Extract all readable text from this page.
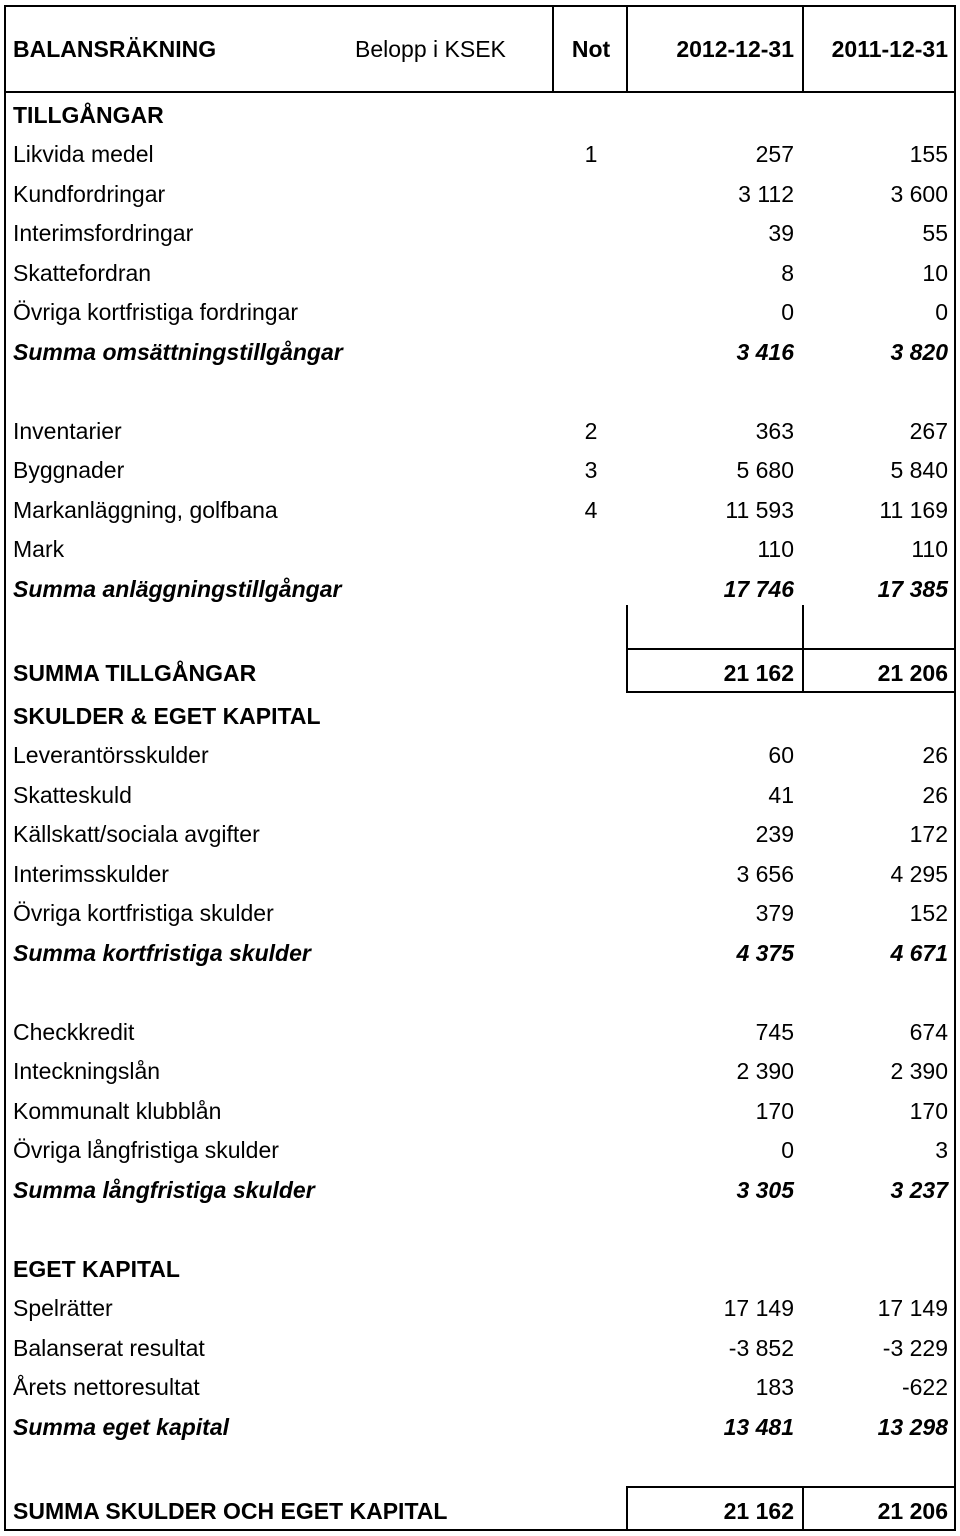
BALANSRÄKNING	Belopp i KSEK	Not	2012-12-31 2011-12-31
TILLGÅNGAR
Likvida medel	1	257	155
Kundfordringar	3 112	3 600
Interimsfordringar	39	55
Skattefordran	8	10
Övriga kortfristiga fordringar	0	0
Summa omsättningstillgångar	3 416	3 820
Inventarier	2	363	267
Byggnader	3	5 680	5 840
Markanläggning, golfbana	4	11 593	11 169
Mark	110	110
Summa anläggningstillgångar	17 746	17 385
SUMMA TILLGÅNGAR	21 162	21 206
SKULDER & EGET KAPITAL
Leverantörsskulder	60	26
Skatteskuld	41	26
Källskatt/sociala avgifter	239	172
Interimsskulder	3 656	4 295
Övriga kortfristiga skulder	379	152
Summa kortfristiga skulder	4 375	4 671
Checkkredit	745	674
Inteckningslån	2 390	2 390
Kommunalt klubblån	170	170
Övriga långfristiga skulder	0	3
Summa långfristiga skulder	3 305	3 237
EGET KAPITAL
Spelrätter	17 149	17 149
Balanserat resultat	-3 852	-3 229
Årets nettoresultat	183	-622
Summa eget kapital	13 481	13 298
SUMMA SKULDER OCH EGET KAPITAL	21 162	21 206
